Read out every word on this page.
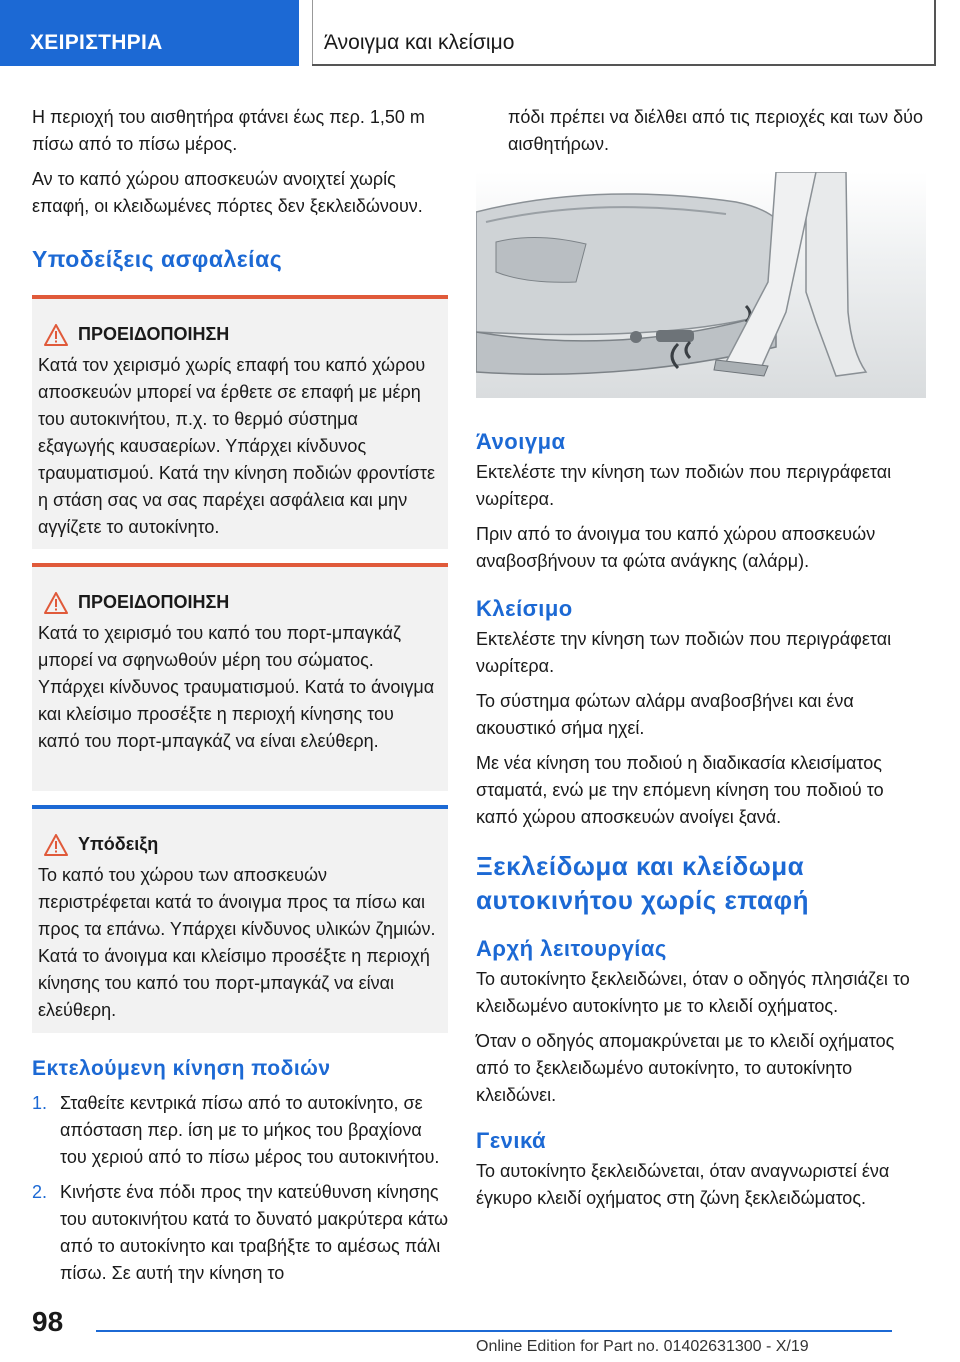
ΧΕΙΡΙΣΤΗΡΙΑ	Άνοιγμα και κλείσιμο

Η περιοχή του αισθητήρα φτάνει έως περ. 1,50 m πίσω από το πίσω μέρος.

Αν το καπό χώρου αποσκευών ανοιχτεί χωρίς επαφή, οι κλειδωμένες πόρτες δεν ξεκλειδώνουν.

Υποδείξεις ασφαλείας
ΠΡΟΕΙΔΟΠΟΙΗΣΗ

Κατά τον χειρισμό χωρίς επαφή του καπό χώρου αποσκευών μπορεί να έρθετε σε επαφή με μέρη του αυτοκινήτου, π.χ. το θερμό σύστημα εξαγωγής καυσαερίων. Υπάρχει κίνδυνος τραυματισμού. Κατά την κίνηση ποδιών φροντίστε η στάση σας να σας παρέχει ασφάλεια και μην αγγίζετε το αυτοκίνητο.

ΠΡΟΕΙΔΟΠΟΙΗΣΗ

Κατά το χειρισμό του καπό του πορτ-μπαγκάζ μπορεί να σφηνωθούν μέρη του σώματος. Υπάρχει κίνδυνος τραυματισμού. Κατά το άνοιγμα και κλείσιμο προσέξτε η περιοχή κίνησης του καπό του πορτ-μπαγκάζ να είναι ελεύθερη.

Υπόδειξη

Το καπό του χώρου των αποσκευών περιστρέφεται κατά το άνοιγμα προς τα πίσω και προς τα επάνω. Υπάρχει κίνδυνος υλικών ζημιών. Κατά το άνοιγμα και κλείσιμο προσέξτε η περιοχή κίνησης του καπό του πορτ-μπαγκάζ να είναι ελεύθερη.

Εκτελούμενη κίνηση ποδιών
1. Σταθείτε κεντρικά πίσω από το αυτοκίνητο, σε απόσταση περ. ίση με το μήκος του βραχίονα του χεριού από το πίσω μέρος του αυτοκινήτου.
2. Κινήστε ένα πόδι προς την κατεύθυνση κίνησης του αυτοκινήτου κατά το δυνατό μακρύτερα κάτω από το αυτοκίνητο και τραβήξτε το αμέσως πάλι πίσω. Σε αυτή την κίνηση το

πόδι πρέπει να διέλθει από τις περιοχές και των δύο αισθητήρων.

Άνοιγμα

Εκτελέστε την κίνηση των ποδιών που περιγράφεται νωρίτερα.

Πριν από το άνοιγμα του καπό χώρου αποσκευών αναβοσβήνουν τα φώτα ανάγκης (αλάρμ).

Κλείσιμο

Εκτελέστε την κίνηση των ποδιών που περιγράφεται νωρίτερα.

Το σύστημα φώτων αλάρμ αναβοσβήνει και ένα ακουστικό σήμα ηχεί.

Με νέα κίνηση του ποδιού η διαδικασία κλεισίματος σταματά, ενώ με την επόμενη κίνηση του ποδιού το καπό χώρου αποσκευών ανοίγει ξανά.

Ξεκλείδωμα και κλείδωμα αυτοκινήτου χωρίς επαφή
Αρχή λειτουργίας

Το αυτοκίνητο ξεκλειδώνει, όταν ο οδηγός πλησιάζει το κλειδωμένο αυτοκίνητο με το κλειδί οχήματος.

Όταν ο οδηγός απομακρύνεται με το κλειδί οχήματος από το ξεκλειδωμένο αυτοκίνητο, το αυτοκίνητο κλειδώνει.

Γενικά

Το αυτοκίνητο ξεκλειδώνεται, όταν αναγνωριστεί ένα έγκυρο κλειδί οχήματος στη ζώνη ξεκλειδώματος.

98
Online Edition for Part no. 01402631300 - X/19
